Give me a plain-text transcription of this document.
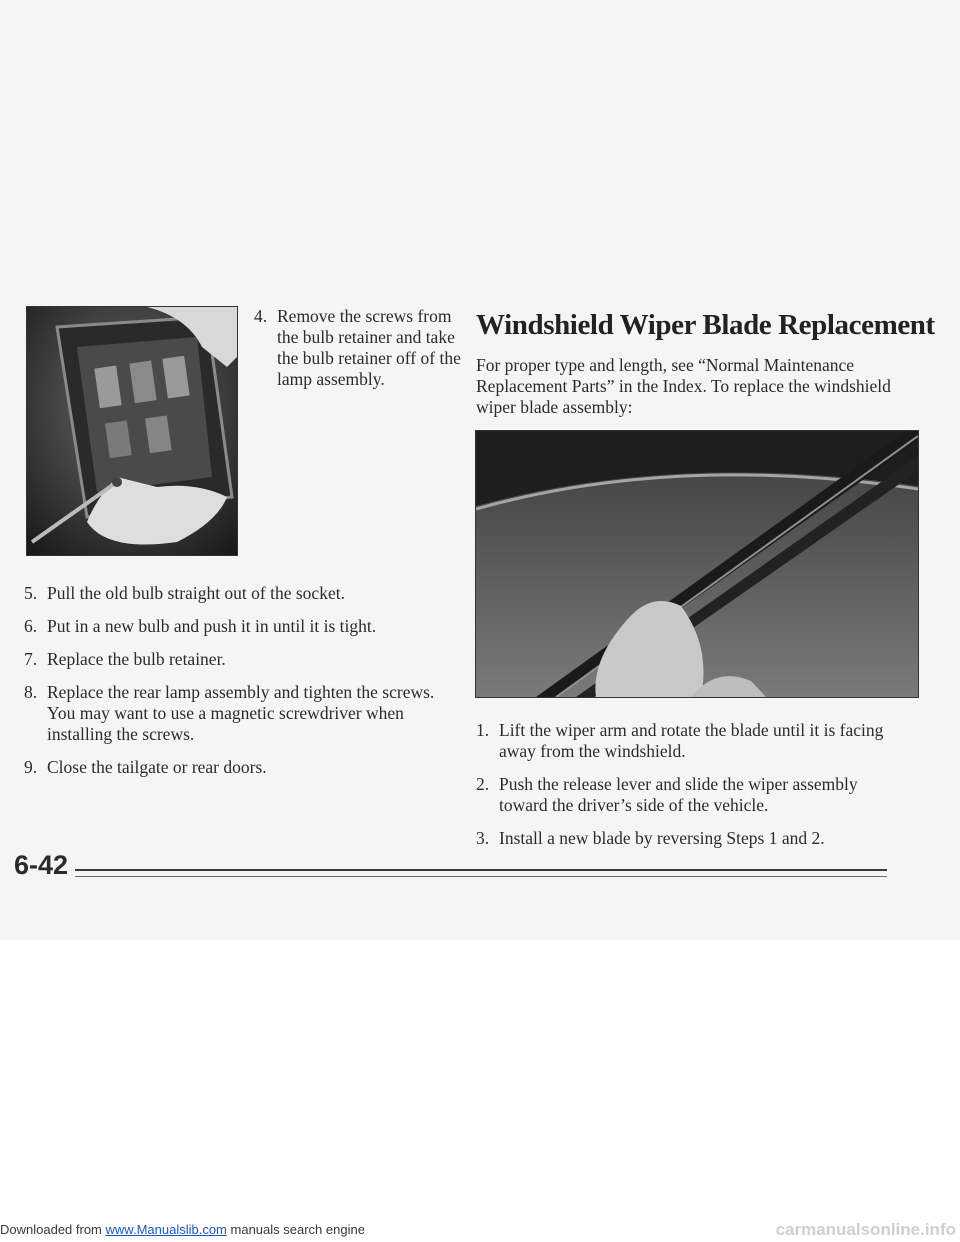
4. Remove the screws from the bulb retainer and take the bulb retainer off of the lamp assembly.
5. Pull the old bulb straight out of the socket.
6. Put in a new bulb and push it in until it is tight.
7. Replace the bulb retainer.
8. Replace the rear lamp assembly and tighten the screws. You may want to use a magnetic screwdriver when installing the screws.
9. Close the tailgate or rear doors.
Windshield Wiper Blade Replacement

For proper type and length, see “Normal Maintenance Replacement Parts” in the Index. To replace the windshield wiper blade assembly:

1. Lift the wiper arm and rotate the blade until it is facing away from the windshield.
2. Push the release lever and slide the wiper assembly toward the driver’s side of the vehicle.
3. Install a new blade by reversing Steps 1 and 2.
6-42
Downloaded from www.Manualslib.com manuals search engine	carmanualsonline.info
